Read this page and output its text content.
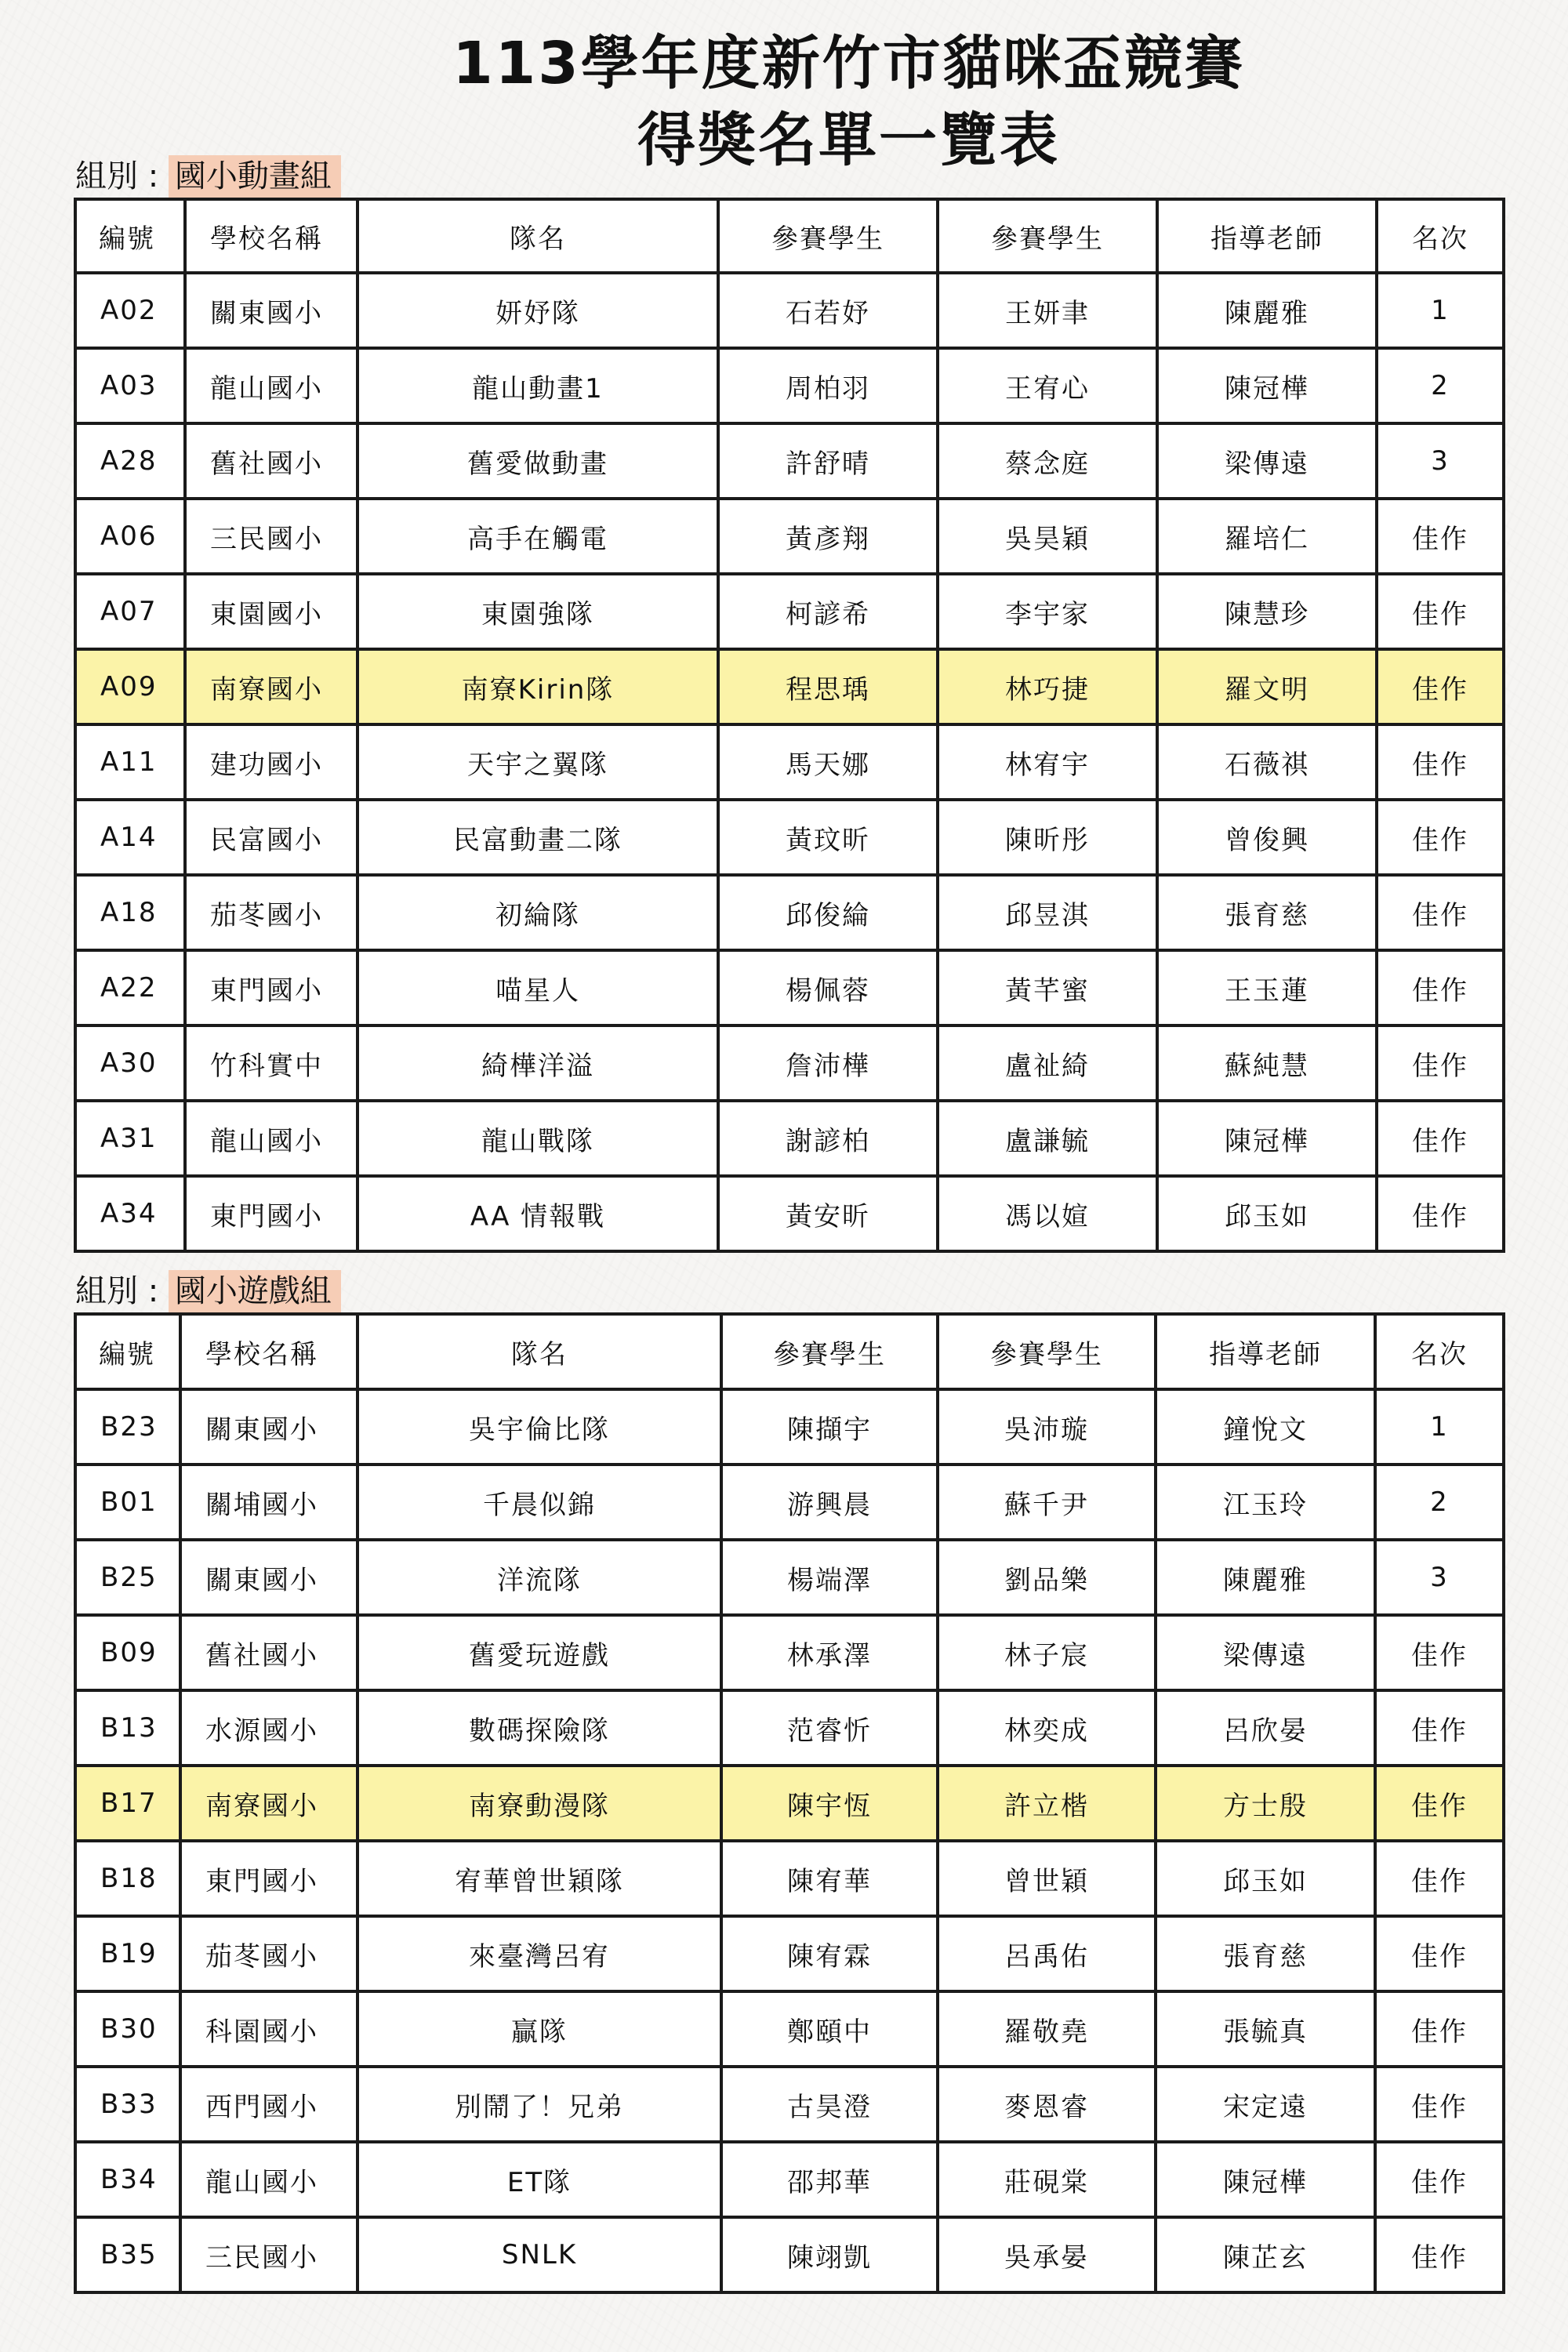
113學年度新竹市貓咪盃競賽
得獎名單一覽表
組別 : 國小動畫組
編號	學校名稱	隊名	參賽學生	參賽學生	指導老師	名次
A02	關東國小	妍妤隊	石若妤	王妍聿	陳麗雅	1
A03	龍山國小	龍山動畫1	周柏羽	王宥心	陳冠樺	2
A28	舊社國小	舊愛做動畫	許舒晴	蔡念庭	梁傳遠	3
A06	三民國小	高手在觸電	黃彥翔	吳昊穎	羅培仁	佳作
A07	東園國小	東園強隊	柯諺希	李宇家	陳慧珍	佳作
A09	南寮國小	南寮Kirin隊	程思瑀	林巧捷	羅文明	佳作
A11	建功國小	天宇之翼隊	馬天娜	林宥宇	石薇祺	佳作
A14	民富國小	民富動畫二隊	黃玟昕	陳昕彤	曾俊興	佳作
A18	茄苳國小	初綸隊	邱俊綸	邱昱淇	張育慈	佳作
A22	東門國小	喵星人	楊佩蓉	黃芊蜜	王玉蓮	佳作
A30	竹科實中	綺樺洋溢	詹沛樺	盧祉綺	蘇純慧	佳作
A31	龍山國小	龍山戰隊	謝諺柏	盧謙毓	陳冠樺	佳作
A34	東門國小	AA 情報戰	黃安昕	馮以媗	邱玉如	佳作
組別 : 國小遊戲組
編號	學校名稱	隊名	參賽學生	參賽學生	指導老師	名次
B23	關東國小	吳宇倫比隊	陳擷宇	吳沛璇	鐘悅文	1
B01	關埔國小	千晨似錦	游興晨	蘇千尹	江玉玲	2
B25	關東國小	洋流隊	楊端澤	劉品樂	陳麗雅	3
B09	舊社國小	舊愛玩遊戲	林承澤	林子宸	梁傳遠	佳作
B13	水源國小	數碼探險隊	范睿忻	林奕成	呂欣晏	佳作
B17	南寮國小	南寮動漫隊	陳宇恆	許立楷	方士殷	佳作
B18	東門國小	宥華曾世穎隊	陳宥華	曾世穎	邱玉如	佳作
B19	茄苳國小	來臺灣呂宥	陳宥霖	呂禹佑	張育慈	佳作
B30	科園國小	贏隊	鄭頤中	羅敬堯	張毓真	佳作
B33	西門國小	別鬧了！兄弟	古昊澄	麥恩睿	宋定遠	佳作
B34	龍山國小	ET隊	邵邦華	莊硯棠	陳冠樺	佳作
B35	三民國小	SNLK	陳翊凱	吳承晏	陳芷玄	佳作
